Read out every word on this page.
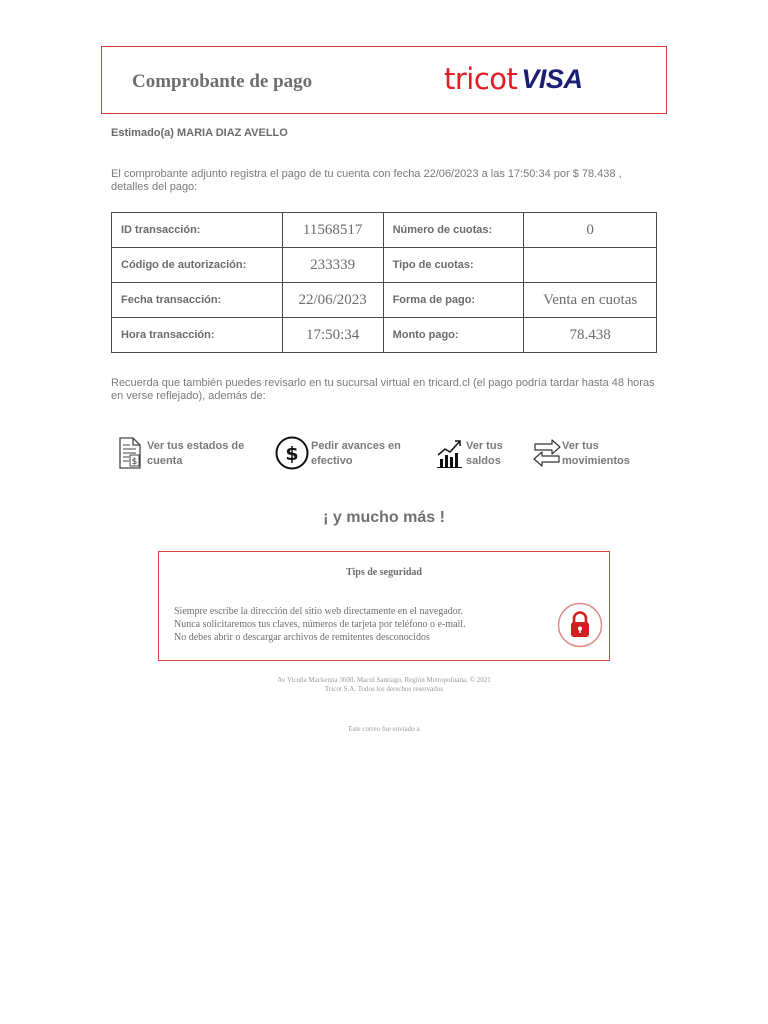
Comprobante de pago	tricot VISA
Estimado(a) MARIA DIAZ AVELLO
El comprobante adjunto registra el pago de tu cuenta con fecha 22/06/2023 a las 17:50:34 por $ 78.438 , detalles del pago:
ID transacción:	11568517	Número de cuotas:	0
Código de autorización:	233339	Tipo de cuotas:	
Fecha transacción:	22/06/2023	Forma de pago:	Venta en cuotas
Hora transacción:	17:50:34	Monto pago:	78.438
Recuerda que también puedes revisarlo en tu sucursal virtual en tricard.cl (el pago podría tardar hasta 48 horas en verse reflejado), además de:
$
Ver tus estados de
cuenta	$ Pedir avances en
efectivo
Ver tus
saldos
Ver tus
movimientos
¡ y mucho más !
Tips de seguridad
Siempre escribe la dirección del sitio web directamente en el navegador.
Nunca solicitaremos tus claves, números de tarjeta por teléfono o e-mail.
No debes abrir o descargar archivos de remitentes desconocidos
Av Vicuña Mackenna 3600, Macul Santiago, Región Metropolitana. © 2021
Tricot S.A. Todos los derechos reservados
Este correo fue enviado a
